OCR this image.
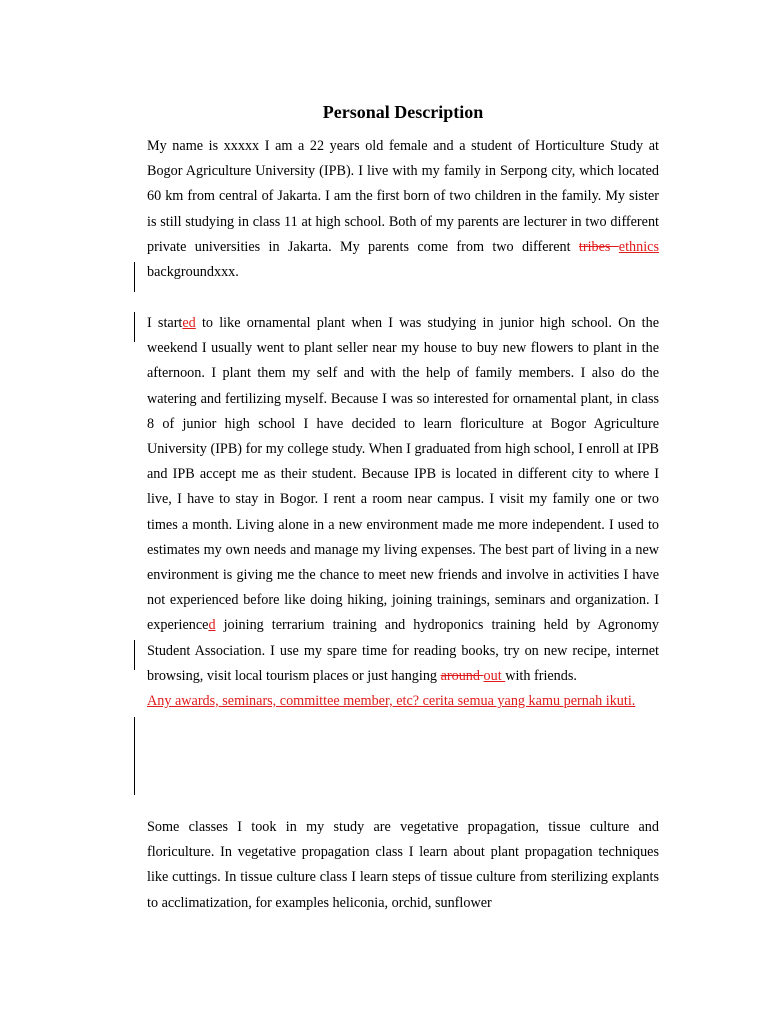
Personal Description
My name is xxxxx I am a 22 years old female and a student of Horticulture Study at Bogor Agriculture University (IPB). I live with my family in Serpong city, which located 60 km from central of Jakarta. I am the first born of two children in the family. My sister is still studying in class 11 at high school. Both of my parents are lecturer in two different private universities in Jakarta. My parents come from two different tribes ethnics backgroundxxx.
I started to like ornamental plant when I was studying in junior high school. On the weekend I usually went to plant seller near my house to buy new flowers to plant in the afternoon. I plant them my self and with the help of family members. I also do the watering and fertilizing myself. Because I was so interested for ornamental plant, in class 8 of junior high school I have decided to learn floriculture at Bogor Agriculture University (IPB) for my college study. When I graduated from high school, I enroll at IPB and IPB accept me as their student. Because IPB is located in different city to where I live, I have to stay in Bogor. I rent a room near campus. I visit my family one or two times a month. Living alone in a new environment made me more independent. I used to estimates my own needs and manage my living expenses. The best part of living in a new environment is giving me the chance to meet new friends and involve in activities I have not experienced before like doing hiking, joining trainings, seminars and organization. I experienced joining terrarium training and hydroponics training held by Agronomy Student Association. I use my spare time for reading books, try on new recipe, internet browsing, visit local tourism places or just hanging around out with friends.
Any awards, seminars, committee member, etc? cerita semua yang kamu pernah ikuti.
Some classes I took in my study are vegetative propagation, tissue culture and floriculture. In vegetative propagation class I learn about plant propagation techniques like cuttings. In tissue culture class I learn steps of tissue culture from sterilizing explants to acclimatization, for examples heliconia, orchid, sunflower
